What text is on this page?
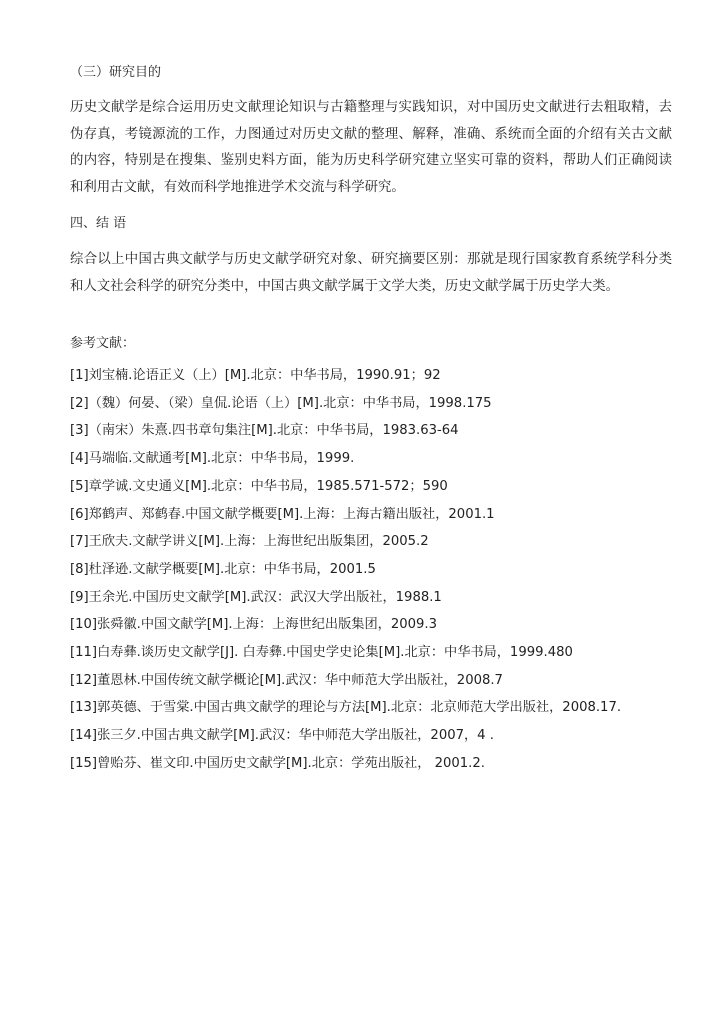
（三）研究目的

历史文献学是综合运用历史文献理论知识与古籍整理与实践知识，对中国历史文献进行去粗取精，去伪存真，考镜源流的工作，力图通过对历史文献的整理、解释，准确、系统而全面的介绍有关古文献的内容，特别是在搜集、鉴别史料方面，能为历史科学研究建立坚实可靠的资料，帮助人们正确阅读和利用古文献，有效而科学地推进学术交流与科学研究。

四、结 语

综合以上中国古典文献学与历史文献学研究对象、研究摘要区别：那就是现行国家教育系统学科分类和人文社会科学的研究分类中，中国古典文献学属于文学大类，历史文献学属于历史学大类。

参考文献：
[1]刘宝楠.论语正义（上）[M].北京：中华书局，1990.91；92
[2]（魏）何晏、（梁）皇侃.论语（上）[M].北京：中华书局，1998.175
[3]（南宋）朱熹.四书章句集注[M].北京：中华书局，1983.63-64
[4]马端临.文献通考[M].北京：中华书局，1999.
[5]章学诚.文史通义[M].北京：中华书局，1985.571-572；590
[6]郑鹤声、郑鹤春.中国文献学概要[M].上海：上海古籍出版社，2001.1
[7]王欣夫.文献学讲义[M].上海：上海世纪出版集团，2005.2
[8]杜泽逊.文献学概要[M].北京：中华书局，2001.5
[9]王余光.中国历史文献学[M].武汉：武汉大学出版社，1988.1
[10]张舜徽.中国文献学[M].上海：上海世纪出版集团，2009.3
[11]白寿彝.谈历史文献学[J]. 白寿彝.中国史学史论集[M].北京：中华书局，1999.480
[12]董恩林.中国传统文献学概论[M].武汉：华中师范大学出版社，2008.7
[13]郭英德、于雪棠.中国古典文献学的理论与方法[M].北京：北京师范大学出版社，2008.17.
[14]张三夕.中国古典文献学[M].武汉：华中师范大学出版社，2007，4 .
[15]曾贻芬、崔文印.中国历史文献学[M].北京：学苑出版社， 2001.2.
